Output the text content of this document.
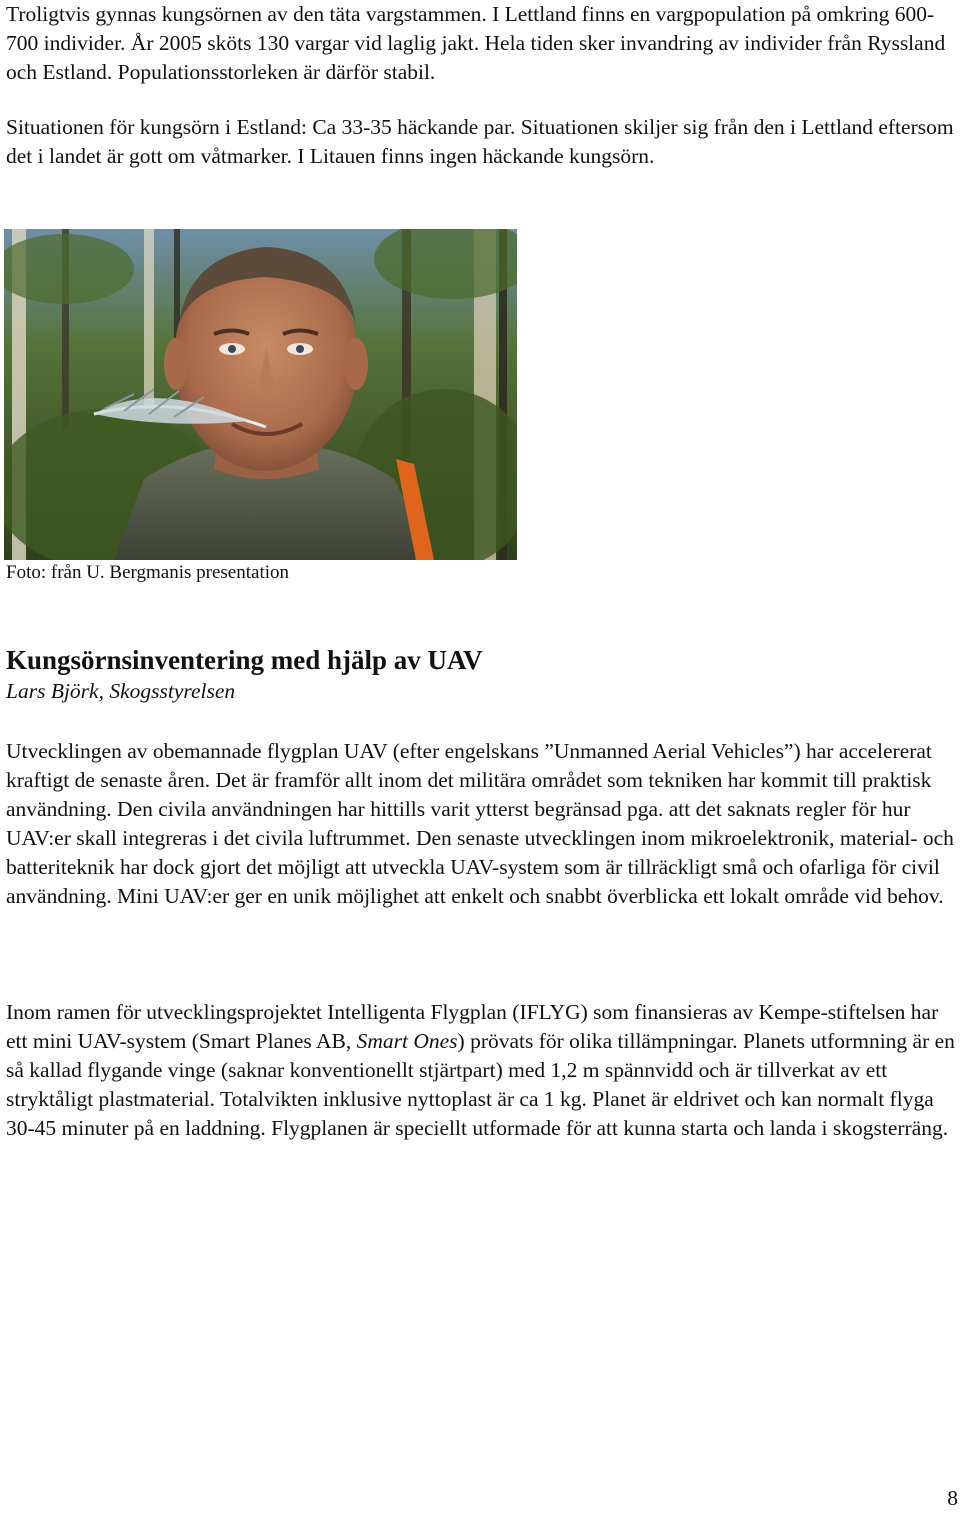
Troligtvis gynnas kungsörnen av den täta vargstammen. I Lettland finns en vargpopulation på omkring 600-700 individer. År 2005 sköts 130 vargar vid laglig jakt. Hela tiden sker invandring av individer från Ryssland och Estland. Populationsstorleken är därför stabil.

Situationen för kungsörn i Estland: Ca 33-35 häckande par. Situationen skiljer sig från den i Lettland eftersom det i landet är gott om våtmarker. I Litauen finns ingen häckande kungsörn.

Foto: från U. Bergmanis presentation

Kungsörnsinventering med hjälp av UAV

Lars Björk, Skogsstyrelsen

Utvecklingen av obemannade flygplan UAV (efter engelskans ”Unmanned Aerial Vehicles”) har accelererat kraftigt de senaste åren. Det är framför allt inom det militära området som tekniken har kommit till praktisk användning. Den civila användningen har hittills varit ytterst begränsad pga. att det saknats regler för hur UAV:er skall integreras i det civila luftrummet. Den senaste utvecklingen inom mikroelektronik, material- och batteriteknik har dock gjort det möjligt att utveckla UAV-system som är tillräckligt små och ofarliga för civil användning. Mini UAV:er ger en unik möjlighet att enkelt och snabbt överblicka ett lokalt område vid behov.

Inom ramen för utvecklingsprojektet Intelligenta Flygplan (IFLYG) som finansieras av Kempe-stiftelsen har ett mini UAV-system (Smart Planes AB, Smart Ones) prövats för olika tillämpningar. Planets utformning är en så kallad flygande vinge (saknar konventionellt stjärtpart) med 1,2 m spännvidd och är tillverkat av ett stryktåligt plastmaterial. Totalvikten inklusive nyttoplast är ca 1 kg. Planet är eldrivet och kan normalt flyga 30-45 minuter på en laddning. Flygplanen är speciellt utformade för att kunna starta och landa i skogsterräng.

8
